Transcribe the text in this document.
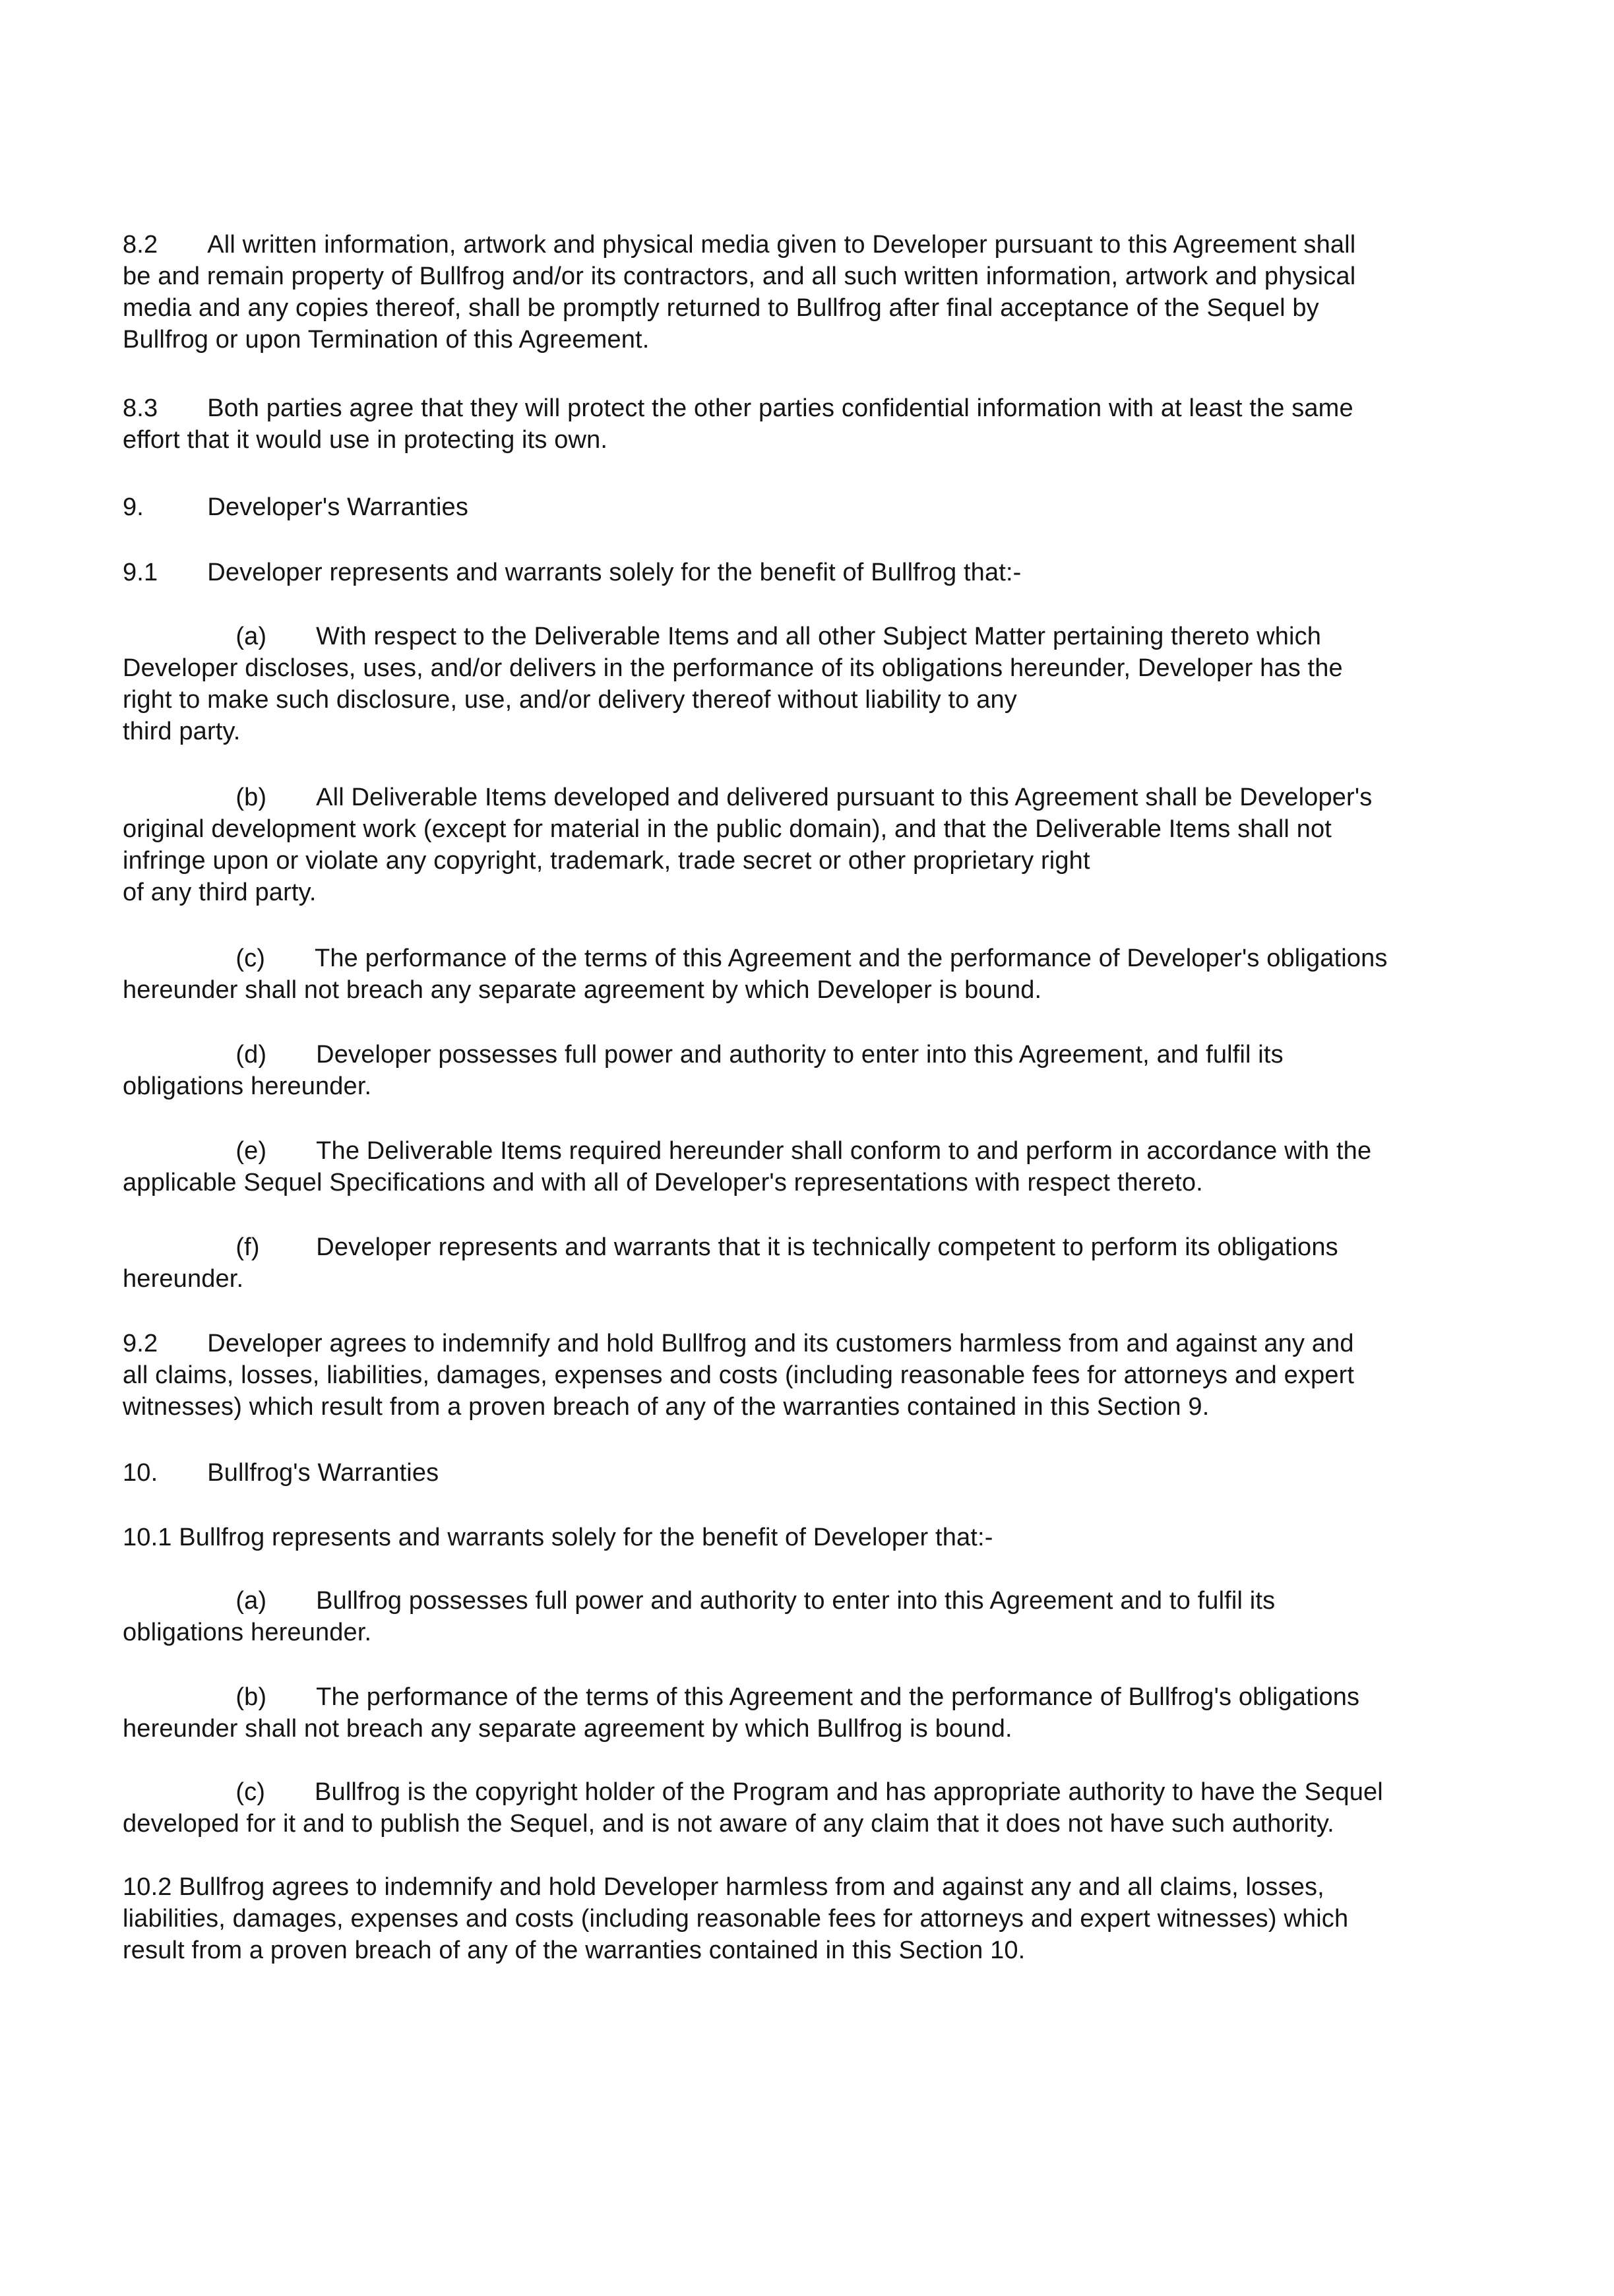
8.2       All written information, artwork and physical media given to Developer pursuant to this Agreement shall

be and remain property of Bullfrog and/or its contractors, and all such written information, artwork and physical

media and any copies thereof, shall be promptly returned to Bullfrog after final acceptance of the Sequel by

Bullfrog or upon Termination of this Agreement.

8.3       Both parties agree that they will protect the other parties confidential information with at least the same

effort that it would use in protecting its own.

9.         Developer's Warranties

9.1       Developer represents and warrants solely for the benefit of Bullfrog that:-

(a)       With respect to the Deliverable Items and all other Subject Matter pertaining thereto which

Developer discloses, uses, and/or delivers in the performance of its obligations hereunder, Developer has the

right to make such disclosure, use, and/or delivery thereof without liability to any

third party.

(b)       All Deliverable Items developed and delivered pursuant to this Agreement shall be Developer's

original development work (except for material in the public domain), and that the Deliverable Items shall not

infringe upon or violate any copyright, trademark, trade secret or other proprietary right

of any third party.

(c)       The performance of the terms of this Agreement and the performance of Developer's obligations

hereunder shall not breach any separate agreement by which Developer is bound.

(d)       Developer possesses full power and authority to enter into this Agreement, and fulfil its

obligations hereunder.

(e)       The Deliverable Items required hereunder shall conform to and perform in accordance with the

applicable Sequel Specifications and with all of Developer's representations with respect thereto.

(f)        Developer represents and warrants that it is technically competent to perform its obligations

hereunder.

9.2       Developer agrees to indemnify and hold Bullfrog and its customers harmless from and against any and

all claims, losses, liabilities, damages, expenses and costs (including reasonable fees for attorneys and expert

witnesses) which result from a proven breach of any of the warranties contained in this Section 9.

10.       Bullfrog's Warranties

10.1 Bullfrog represents and warrants solely for the benefit of Developer that:-

(a)       Bullfrog possesses full power and authority to enter into this Agreement and to fulfil its

obligations hereunder.

(b)       The performance of the terms of this Agreement and the performance of Bullfrog's obligations

hereunder shall not breach any separate agreement by which Bullfrog is bound.

(c)       Bullfrog is the copyright holder of the Program and has appropriate authority to have the Sequel

developed for it and to publish the Sequel, and is not aware of any claim that it does not have such authority.

10.2 Bullfrog agrees to indemnify and hold Developer harmless from and against any and all claims, losses,

liabilities, damages, expenses and costs (including reasonable fees for attorneys and expert witnesses) which

result from a proven breach of any of the warranties contained in this Section 10.
